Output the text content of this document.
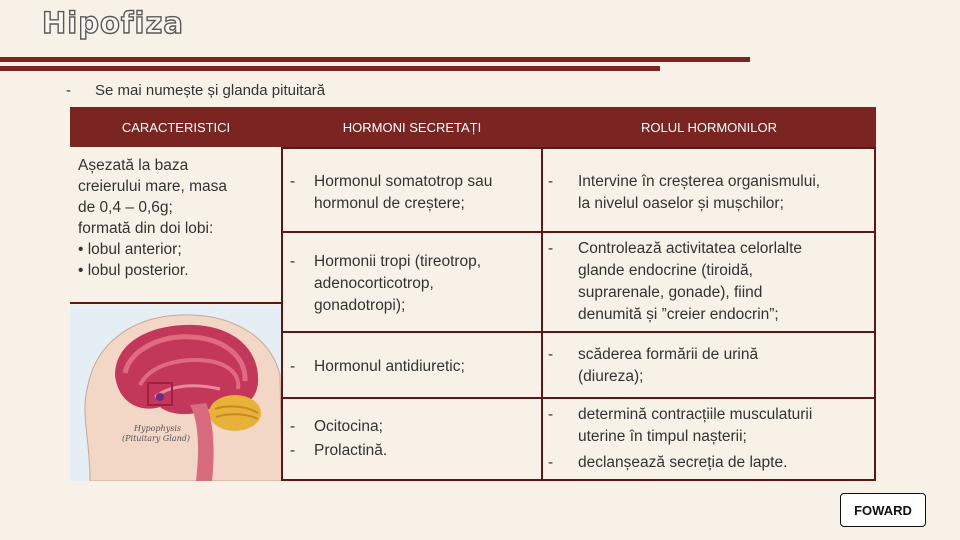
Hipofiza
- Se mai numește și glanda pituitară
CARACTERISTICI	HORMONI SECRETAȚI	ROLUL HORMONILOR
Așezată la baza
creierului mare, masa
de 0,4 – 0,6g;
formată din doi lobi:
• lobul anterior;
• lobul posterior.
Hypophysis (Pituitary Gland)
- Hormonul somatotrop sau
hormonul de creștere;
- Intervine în creșterea organismului,
la nivelul oaselor și mușchilor;
- Hormonii tropi (tireotrop,
adenocorticotrop,
gonadotropi);
- Controlează activitatea celorlalte
glande endocrine (tiroidă,
suprarenale, gonade), fiind
denumită și ”creier endocrin”;
- Hormonul antidiuretic;
- scăderea formării de urină
(diureza);
- Ocitocina;
- Prolactină.
- determină contracțiile musculaturii
uterine în timpul nașterii;
- declanșează secreția de lapte.
FOWARD
